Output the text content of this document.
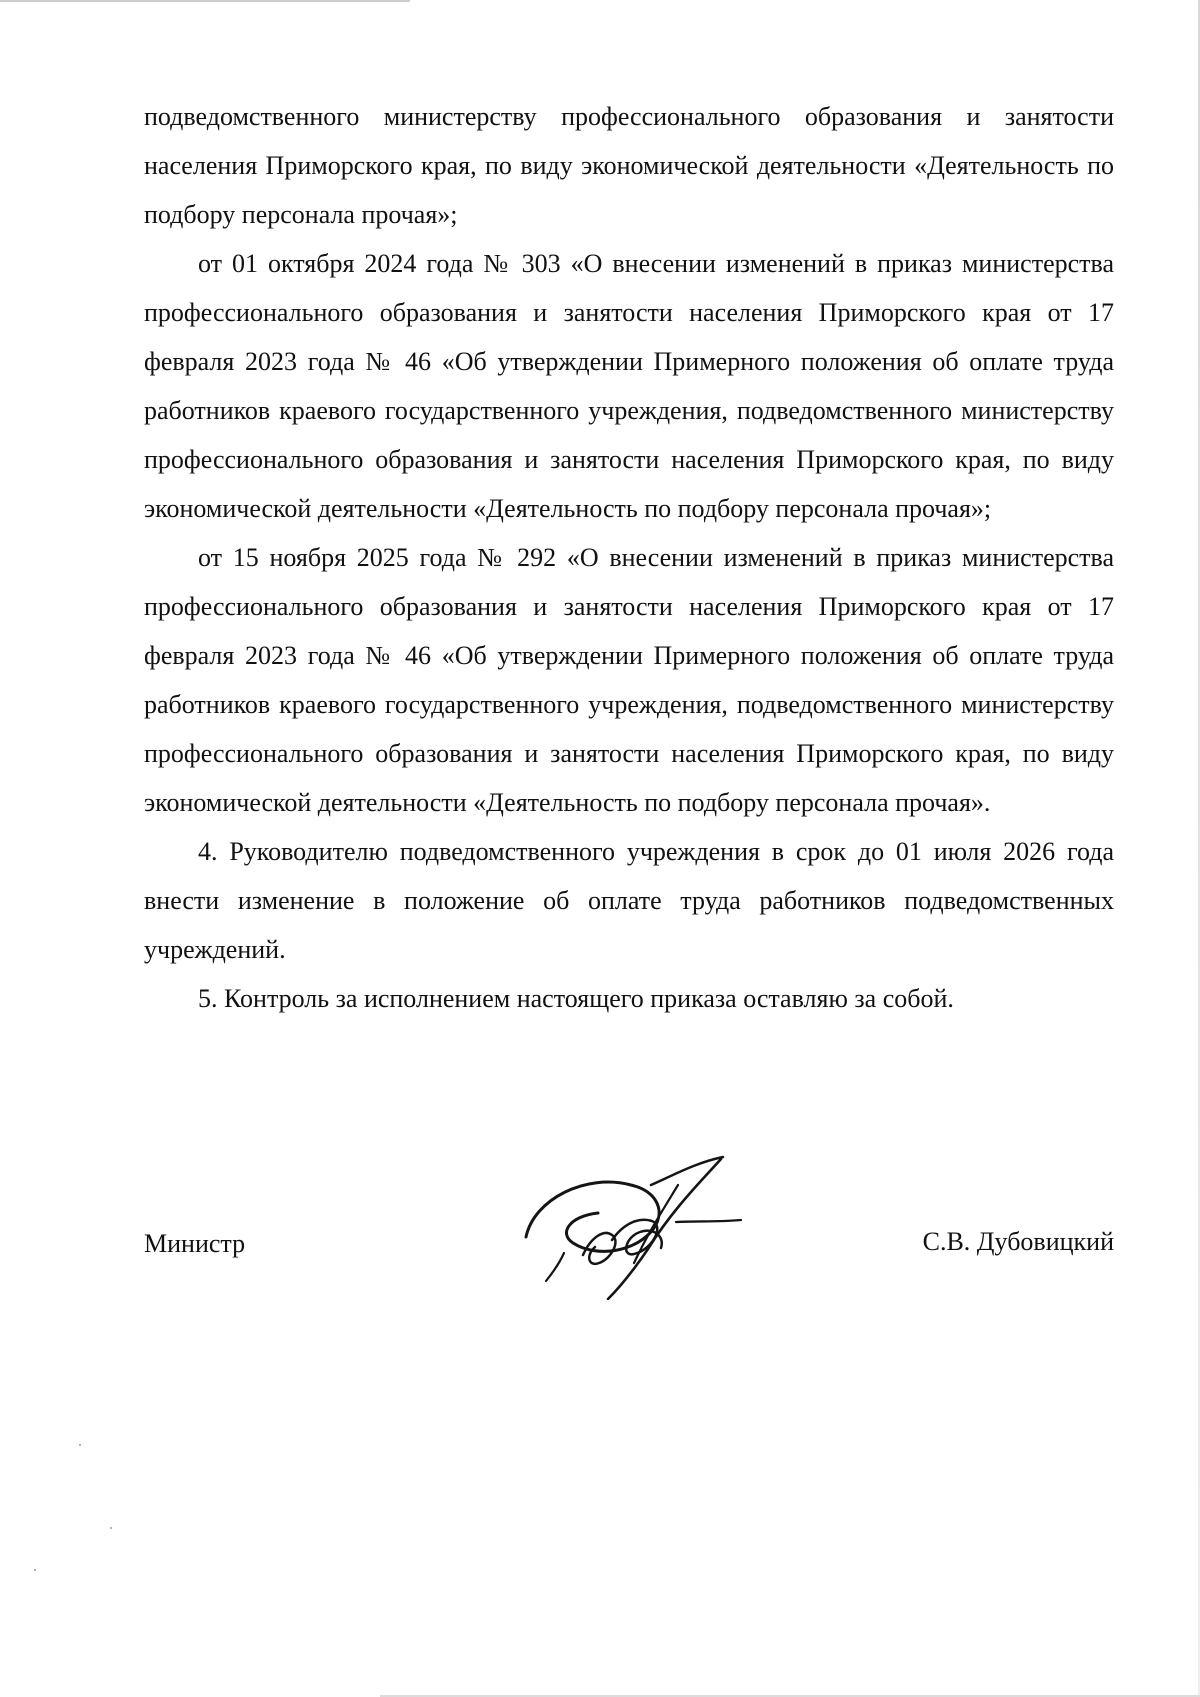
подведомственного министерству профессионального образования и занятости населения Приморского края, по виду экономической деятельности «Деятельность по подбору персонала прочая»;

от 01 октября 2024 года № 303 «О внесении изменений в приказ министерства профессионального образования и занятости населения Приморского края от 17 февраля 2023 года № 46 «Об утверждении Примерного положения об оплате труда работников краевого государственного учреждения, подведомственного министерству профессионального образования и занятости населения Приморского края, по виду экономической деятельности «Деятельность по подбору персонала прочая»;

от 15 ноября 2025 года № 292 «О внесении изменений в приказ министерства профессионального образования и занятости населения Приморского края от 17 февраля 2023 года № 46 «Об утверждении Примерного положения об оплате труда работников краевого государственного учреждения, подведомственного министерству профессионального образования и занятости населения Приморского края, по виду экономической деятельности «Деятельность по подбору персонала прочая».

4. Руководителю подведомственного учреждения в срок до 01 июля 2026 года внести изменение в положение об оплате труда работников подведомственных учреждений.

5. Контроль за исполнением настоящего приказа оставляю за собой.

Министр	С.В. Дубовицкий
